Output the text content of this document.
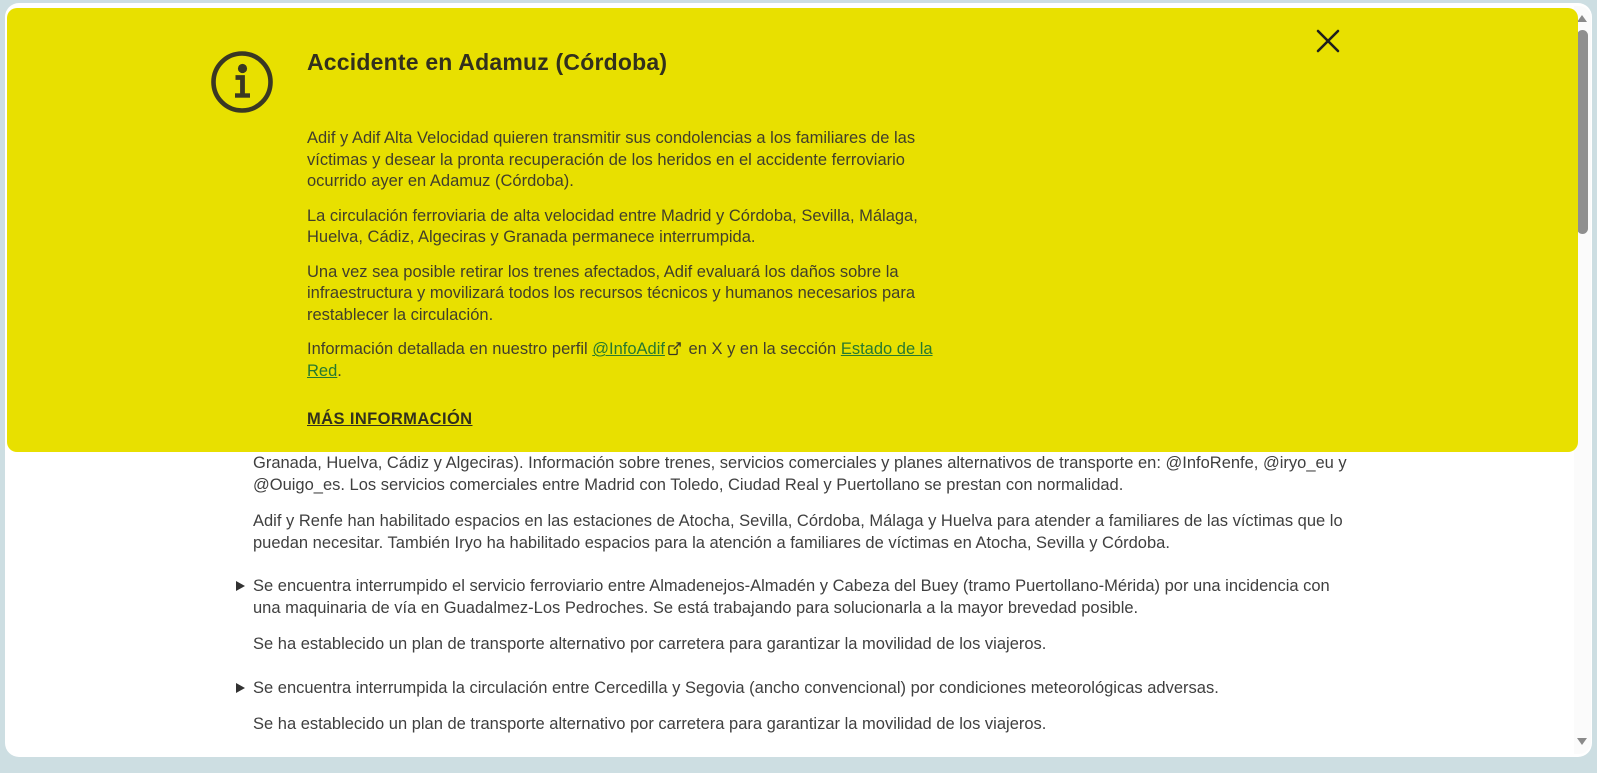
Granada, Huelva, Cádiz y Algeciras). Información sobre trenes, servicios comerciales y planes alternativos de transporte en: @InfoRenfe, @iryo_eu y @Ouigo_es. Los servicios comerciales entre Madrid con Toledo, Ciudad Real y Puertollano se prestan con normalidad.

Adif y Renfe han habilitado espacios en las estaciones de Atocha, Sevilla, Córdoba, Málaga y Huelva para atender a familiares de las víctimas que lo puedan necesitar. También Iryo ha habilitado espacios para la atención a familiares de víctimas en Atocha, Sevilla y Córdoba.

Se encuentra interrumpido el servicio ferroviario entre Almadenejos-Almadén y Cabeza del Buey (tramo Puertollano-Mérida) por una incidencia con una maquinaria de vía en Guadalmez-Los Pedroches. Se está trabajando para solucionarla a la mayor brevedad posible.

Se ha establecido un plan de transporte alternativo por carretera para garantizar la movilidad de los viajeros.

Se encuentra interrumpida la circulación entre Cercedilla y Segovia (ancho convencional) por condiciones meteorológicas adversas.

Se ha establecido un plan de transporte alternativo por carretera para garantizar la movilidad de los viajeros.

Accidente en Adamuz (Córdoba)

Adif y Adif Alta Velocidad quieren transmitir sus condolencias a los familiares de las víctimas y desear la pronta recuperación de los heridos en el accidente ferroviario ocurrido ayer en Adamuz (Córdoba).

La circulación ferroviaria de alta velocidad entre Madrid y Córdoba, Sevilla, Málaga, Huelva, Cádiz, Algeciras y Granada permanece interrumpida.

Una vez sea posible retirar los trenes afectados, Adif evaluará los daños sobre la infraestructura y movilizará todos los recursos técnicos y humanos necesarios para restablecer la circulación.

Información detallada en nuestro perfil @InfoAdif en X y en la sección Estado de la Red.

MÁS INFORMACIÓN
